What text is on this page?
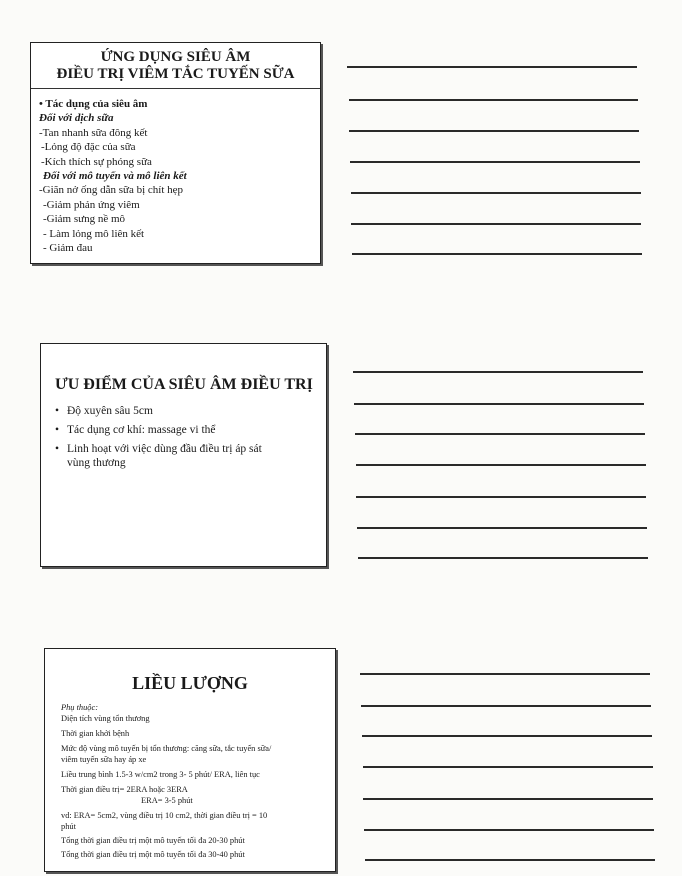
ỨNG DỤNG SIÊU ÂM
ĐIỀU TRỊ VIÊM TẮC TUYẾN SỮA
• Tác dụng của siêu âm
Đối với dịch sữa
-Tan nhanh sữa đông kết
-Lỏng độ đặc của sữa
-Kích thích sự phóng sữa
Đối với mô tuyến và mô liên kết
-Giãn nở ống dẫn sữa bị chít hẹp
-Giảm phản ứng viêm
-Giảm sưng nề mô
- Làm lỏng mô liên kết
- Giảm đau
ƯU ĐIỂM CỦA SIÊU ÂM ĐIỀU TRỊ
• Độ xuyên sâu 5cm
• Tác dụng cơ khí: massage vi thể
• Linh hoạt với việc dùng đầu điều trị áp sát
vùng thương
LIỀU LƯỢNG
Phụ thuộc:
Diện tích vùng tổn thương
Thời gian khởi bệnh
Mức độ vùng mô tuyến bị tổn thương: căng sữa, tắc tuyến sữa/
viêm tuyến sữa hay áp xe
Liều trung bình 1.5-3 w/cm2 trong 3- 5 phút/ ERA, liên tục
Thời gian điều trị= 2ERA hoặc 3ERA
ERA= 3-5 phút
vd: ERA= 5cm2, vùng điều trị 10 cm2, thời gian điều trị = 10
phút
Tổng thời gian điều trị một mô tuyến tối đa 20-30 phút
Tổng thời gian điều trị một mô tuyến tối đa 30-40 phút
